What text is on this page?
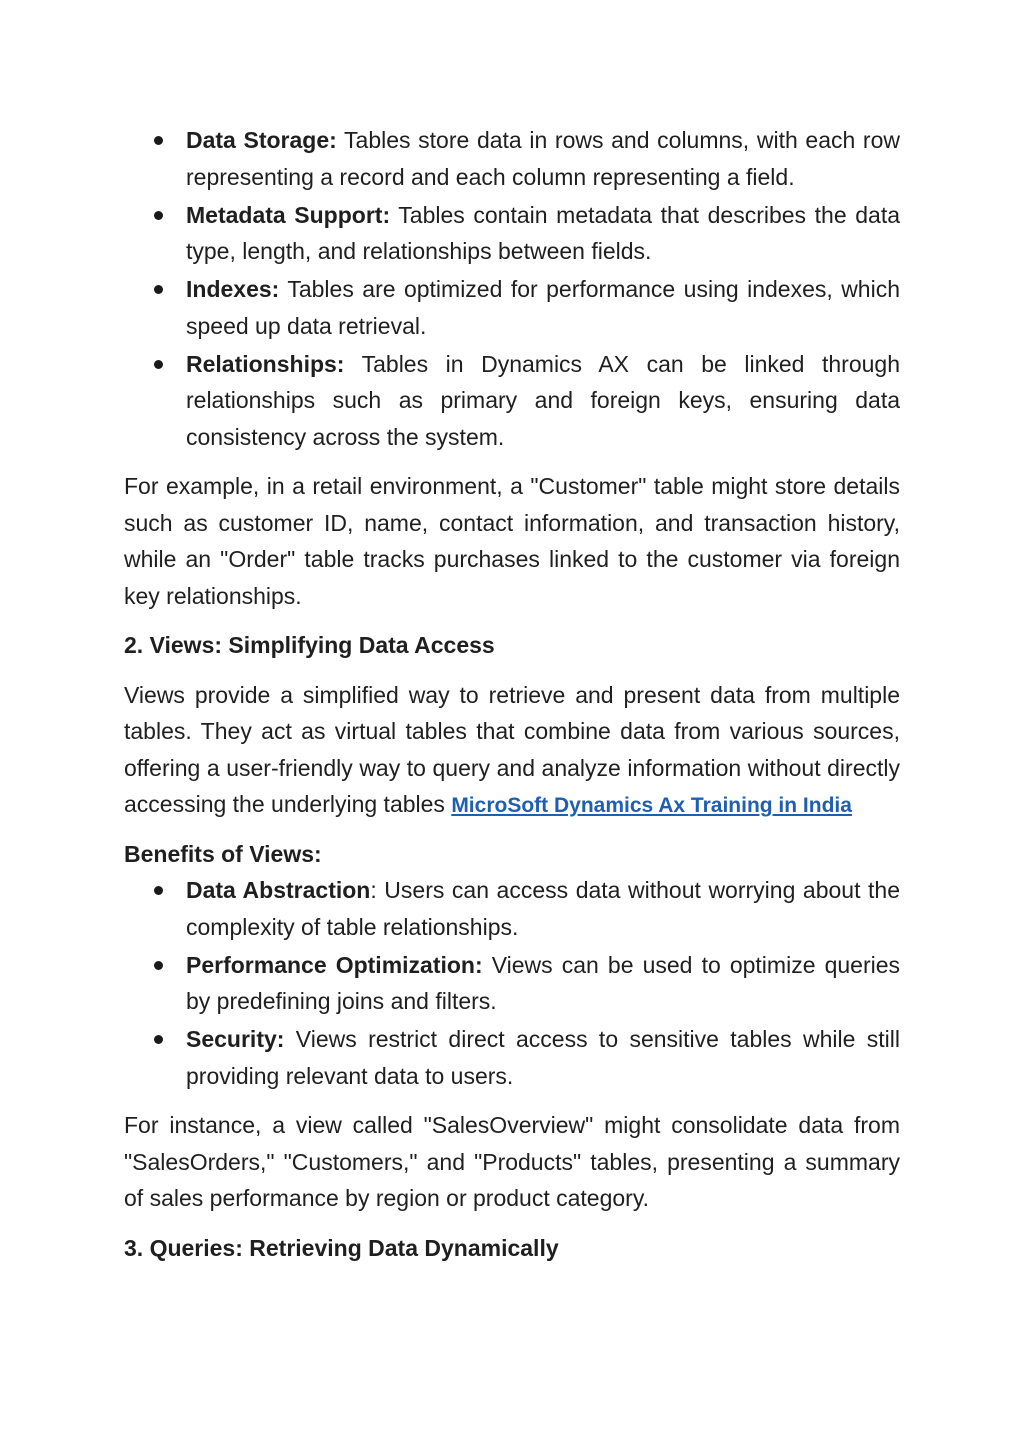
Data Storage: Tables store data in rows and columns, with each row representing a record and each column representing a field.
Metadata Support: Tables contain metadata that describes the data type, length, and relationships between fields.
Indexes: Tables are optimized for performance using indexes, which speed up data retrieval.
Relationships: Tables in Dynamics AX can be linked through relationships such as primary and foreign keys, ensuring data consistency across the system.

For example, in a retail environment, a "Customer" table might store details such as customer ID, name, contact information, and transaction history, while an "Order" table tracks purchases linked to the customer via foreign key relationships.

2. Views: Simplifying Data Access

Views provide a simplified way to retrieve and present data from multiple tables. They act as virtual tables that combine data from various sources, offering a user-friendly way to query and analyze information without directly accessing the underlying tables MicroSoft Dynamics Ax Training in India

Benefits of Views:
Data Abstraction: Users can access data without worrying about the complexity of table relationships.
Performance Optimization: Views can be used to optimize queries by predefining joins and filters.
Security: Views restrict direct access to sensitive tables while still providing relevant data to users.

For instance, a view called "SalesOverview" might consolidate data from "SalesOrders," "Customers," and "Products" tables, presenting a summary of sales performance by region or product category.

3. Queries: Retrieving Data Dynamically
